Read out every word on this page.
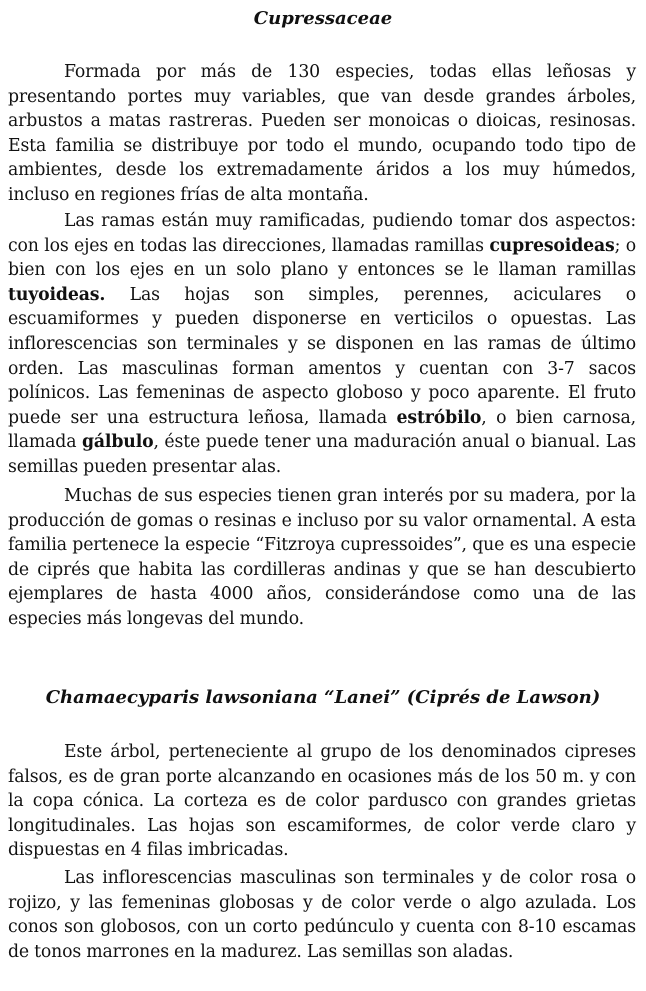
Cupressaceae

Formada por más de 130 especies, todas ellas leñosas y presentando portes muy variables, que van desde grandes árboles, arbustos a matas rastreras. Pueden ser monoicas o dioicas, resinosas. Esta familia se distribuye por todo el mundo, ocupando todo tipo de ambientes, desde los extremadamente áridos a los muy húmedos, incluso en regiones frías de alta montaña.

Las ramas están muy ramificadas, pudiendo tomar dos aspectos: con los ejes en todas las direcciones, llamadas ramillas cupresoideas; o bien con los ejes en un solo plano y entonces se le llaman ramillas tuyoideas. Las hojas son simples, perennes, aciculares o escuamiformes y pueden disponerse en verticilos o opuestas. Las inflorescencias son terminales y se disponen en las ramas de último orden. Las masculinas forman amentos y cuentan con 3-7 sacos polínicos. Las femeninas de aspecto globoso y poco aparente. El fruto puede ser una estructura leñosa, llamada estróbilo, o bien carnosa, llamada gálbulo, éste puede tener una maduración anual o bianual. Las semillas pueden presentar alas.

Muchas de sus especies tienen gran interés por su madera, por la producción de gomas o resinas e incluso por su valor ornamental. A esta familia pertenece la especie “Fitzroya cupressoides”, que es una especie de ciprés que habita las cordilleras andinas y que se han descubierto ejemplares de hasta 4000 años, considerándose como una de las especies más longevas del mundo.

Chamaecyparis lawsoniana “Lanei” (Ciprés de Lawson)

Este árbol, perteneciente al grupo de los denominados cipreses falsos, es de gran porte alcanzando en ocasiones más de los 50 m. y con la copa cónica. La corteza es de color pardusco con grandes grietas longitudinales. Las hojas son escamiformes, de color verde claro y dispuestas en 4 filas imbricadas.

Las inflorescencias masculinas son terminales y de color rosa o rojizo, y las femeninas globosas y de color verde o algo azulada. Los conos son globosos, con un corto pedúnculo y cuenta con 8-10 escamas de tonos marrones en la madurez. Las semillas son aladas.
